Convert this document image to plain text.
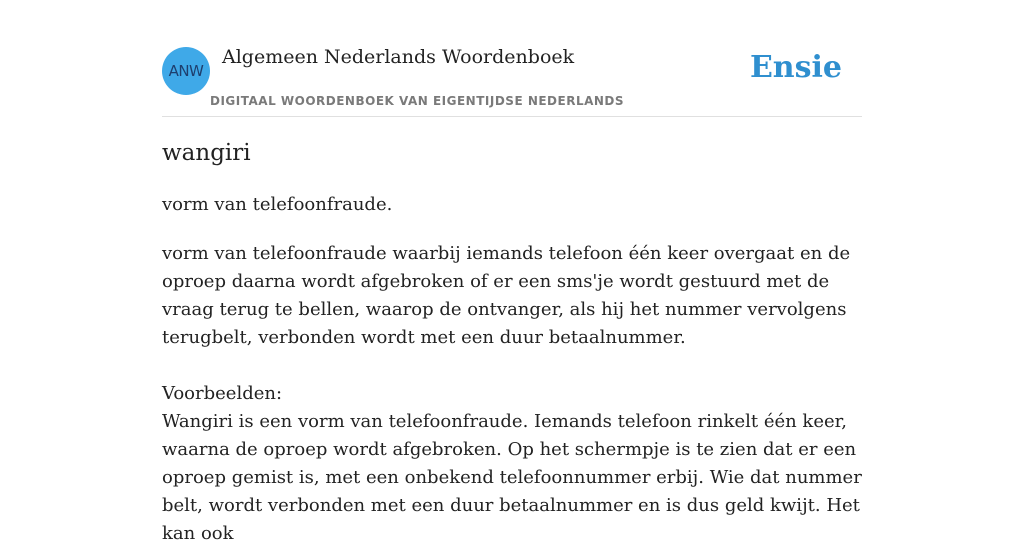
ANW
Algemeen Nederlands Woordenboek
DIGITAAL WOORDENBOEK VAN EIGENTIJDSE NEDERLANDS
Ensie
wangiri

vorm van telefoonfraude.

vorm van telefoonfraude waarbij iemands telefoon één keer overgaat en de oproep daarna wordt afgebroken of er een sms'je wordt gestuurd met de vraag terug te bellen, waarop de ontvanger, als hij het nummer vervolgens terugbelt, verbonden wordt met een duur betaalnummer.

Voorbeelden:

Wangiri is een vorm van telefoonfraude. Iemands telefoon rinkelt één keer, waarna de oproep wordt afgebroken. Op het schermpje is te zien dat er een oproep gemist is, met een onbekend telefoonnummer erbij. Wie dat nummer belt, wordt verbonden met een duur betaalnummer en is dus geld kwijt. Het kan ook
